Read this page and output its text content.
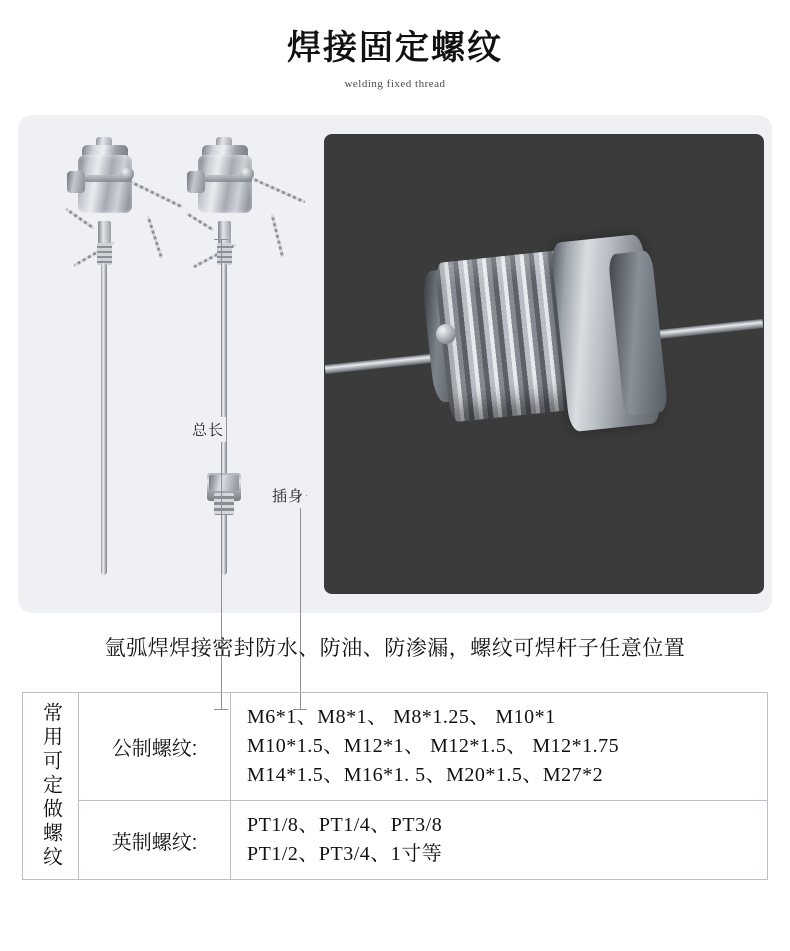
焊接固定螺纹
welding fixed thread
总长
插身
氩弧焊焊接密封防水、防油、防渗漏，螺纹可焊杆子任意位置
常用可定做螺纹	公制螺纹:
M6*1、M8*1、 M8*1.25、 M10*1
M10*1.5、M12*1、 M12*1.5、 M12*1.75
M14*1.5、M16*1. 5、M20*1.5、M27*2
英制螺纹:
PT1/8、PT1/4、PT3/8
PT1/2、PT3/4、1寸等
